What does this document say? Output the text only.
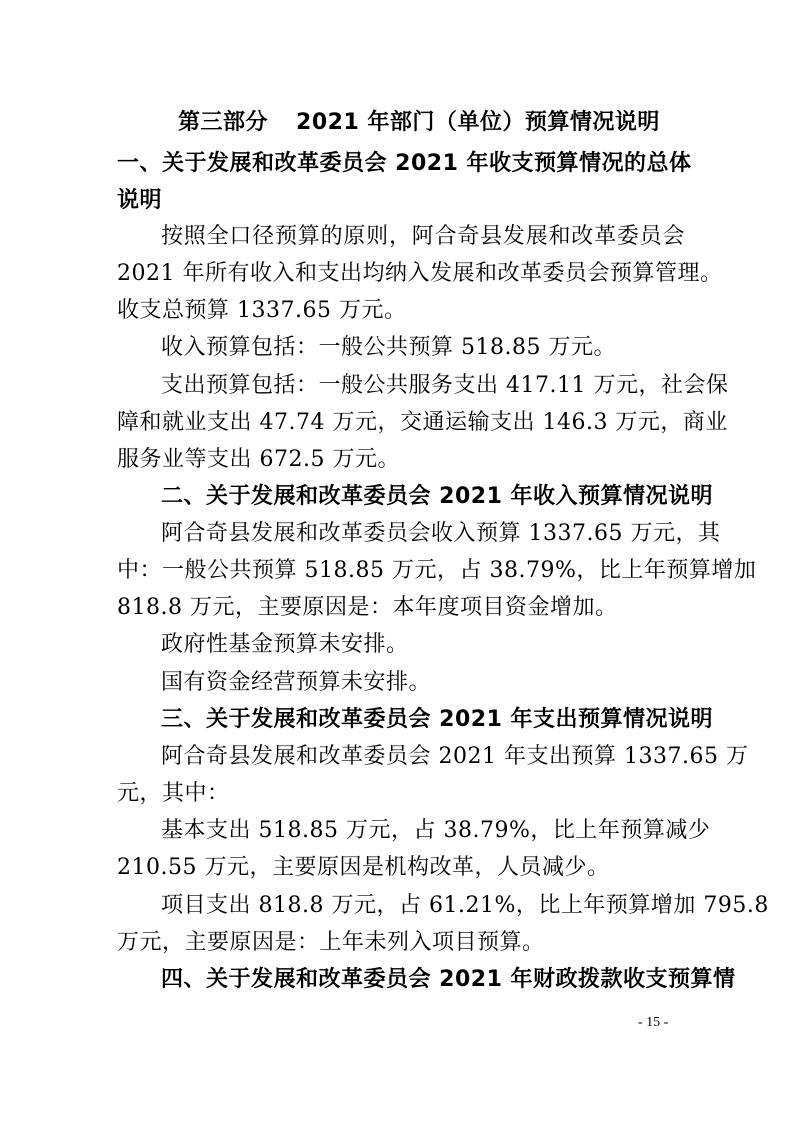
第三部分 2021 年部门（单位）预算情况说明
一、关于发展和改革委员会 2021 年收支预算情况的总体
说明
按照全口径预算的原则，阿合奇县发展和改革委员会
2021 年所有收入和支出均纳入发展和改革委员会预算管理。
收支总预算 1337.65 万元。
收入预算包括：一般公共预算 518.85 万元。
支出预算包括：一般公共服务支出 417.11 万元，社会保
障和就业支出 47.74 万元，交通运输支出 146.3 万元，商业
服务业等支出 672.5 万元。
二、关于发展和改革委员会 2021 年收入预算情况说明
阿合奇县发展和改革委员会收入预算 1337.65 万元，其
中：一般公共预算 518.85 万元，占 38.79%，比上年预算增加
818.8 万元，主要原因是：本年度项目资金增加。
政府性基金预算未安排。
国有资金经营预算未安排。
三、关于发展和改革委员会 2021 年支出预算情况说明
阿合奇县发展和改革委员会 2021 年支出预算 1337.65 万
元，其中：
基本支出 518.85 万元，占 38.79%，比上年预算减少
210.55 万元，主要原因是机构改革，人员减少。
项目支出 818.8 万元，占 61.21%，比上年预算增加 795.8
万元，主要原因是：上年未列入项目预算。
四、关于发展和改革委员会 2021 年财政拨款收支预算情
- 15 -
